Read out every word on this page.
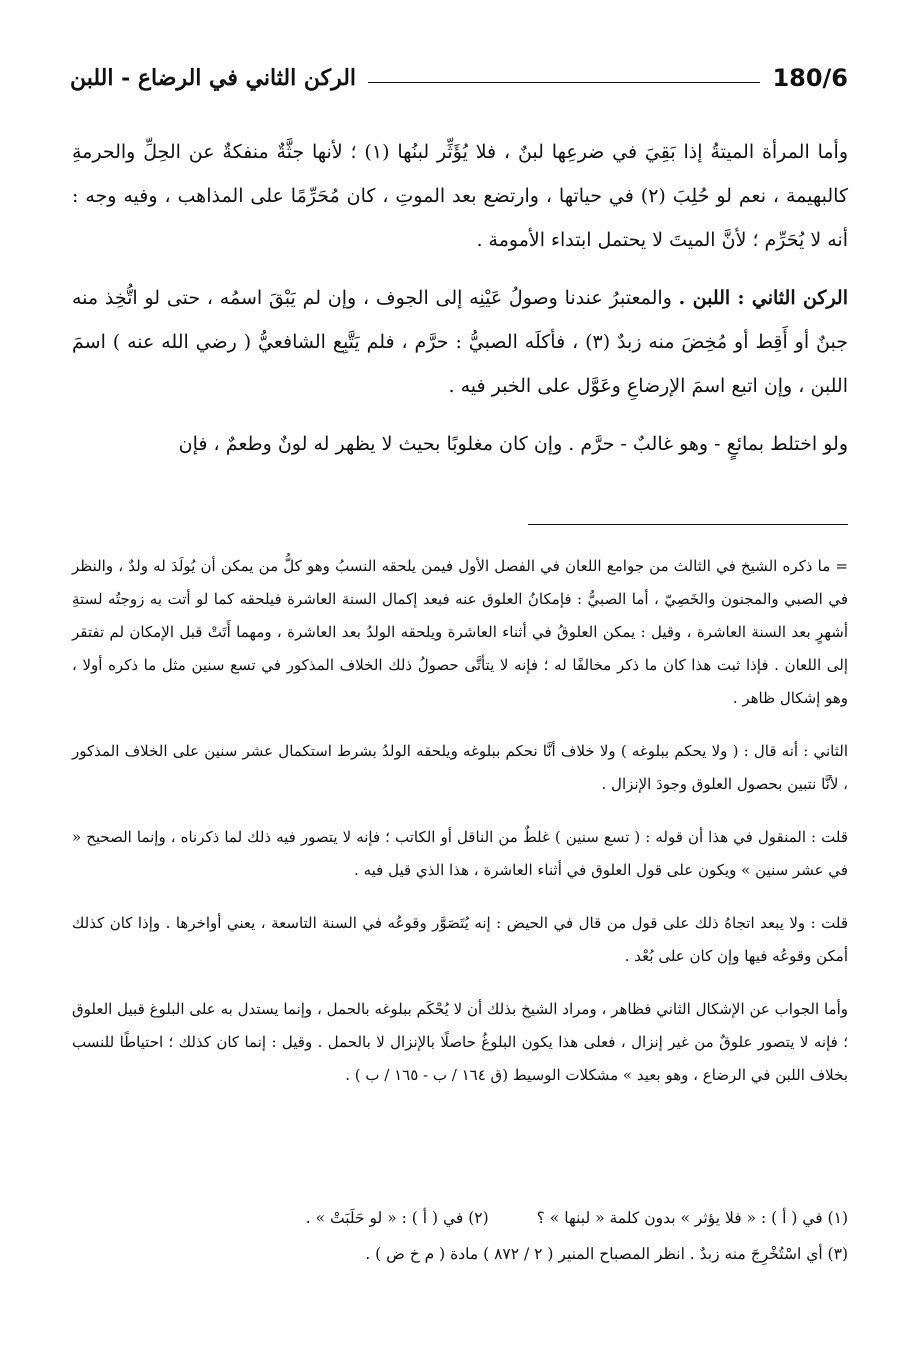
الركن الثاني في الرضاع - اللبن	180/6

وأما المرأة الميتةُ إذا بَقِيَ في ضرعِها لبنٌ ، فلا يُؤَثِّر لبنُها (١) ؛ لأنها جثَّةٌ منفكةٌ عن الحِلِّ والحرمةِ كالبهيمة ، نعم لو حُلِبَ (٢) في حياتها ، وارتضع بعد الموتِ ، كان مُحَرِّمًا على المذاهب ، وفيه وجه : أنه لا يُحَرِّم ؛ لأنَّ الميتَ لا يحتمل ابتداء الأمومة .

الركن الثاني : اللبن . والمعتبرُ عندنا وصولُ عَيْنِه إلى الجوف ، وإن لم يَبْقَ اسمُه ، حتى لو اتُّخِذ منه جبنٌ أو أَقِط أو مُخِضَ منه زبدٌ (٣) ، فأكلَه الصبيُّ : حرَّم ، فلم يَتَّبِع الشافعيُّ ( رضي الله عنه ) اسمَ اللبن ، وإن اتبع اسمَ الإرضاعِ وعَوَّل على الخبر فيه .

ولو اختلط بمائعٍ - وهو غالبٌ - حرَّم . وإن كان مغلوبًا بحيث لا يظهر له لونٌ وطعمٌ ، فإن

= ما ذكره الشيخ في الثالث من جوامع اللعان في الفصل الأول فيمن يلحقه النسبُ وهو كلُّ من يمكن أن يُولَدَ له ولدٌ ، والنظر في الصبي والمجنون والخَصِيّ ، أما الصبيُّ : فإمكانُ العلوق عنه فبعد إكمال السنة العاشرة فيلحقه كما لو أتت به زوجتُه لستةِ أشهرٍ بعد السنة العاشرة ، وقيل : يمكن العلوقُ في أثناء العاشرة ويلحقه الولدُ بعد العاشرة ، ومهما أَتَتْ قبل الإمكان لم تفتقر إلى اللعان . فإذا ثبت هذا كان ما ذكر مخالفًا له ؛ فإنه لا يتأتَّى حصولُ ذلك الخلاف المذكور في تسع سنين مثل ما ذكره أولا ، وهو إشكال ظاهر .

الثاني : أنه قال : ( ولا يحكم ببلوغه ) ولا خلاف أنَّا نحكم ببلوغه ويلحقه الولدُ بشرط استكمال عشر سنين على الخلاف المذكور ، لأنَّا نتبين بحصول العلوق وجودَ الإنزال .

قلت : المنقول في هذا أن قوله : ( تسع سنين ) غلطٌ من الناقل أو الكاتب ؛ فإنه لا يتصور فيه ذلك لما ذكرناه ، وإنما الصحيح « في عشر سنين » ويكون على قول العلوق في أثناء العاشرة ، هذا الذي قيل فيه .

قلت : ولا يبعد اتجاهُ ذلك على قول من قال في الحيض : إنه يُتَصَوَّر وقوعُه في السنة التاسعة ، يعني أواخرها . وإذا كان كذلك أمكن وقوعُه فيها وإن كان على بُعْد .

وأما الجواب عن الإشكال الثاني فظاهر ، ومراد الشيخ بذلك أن لا يُحْكَم ببلوغه بالحمل ، وإنما يستدل به على البلوغ قبيل العلوق ؛ فإنه لا يتصور علوقٌ من غير إنزال ، فعلى هذا يكون البلوغُ حاصلًا بالإنزال لا بالحمل . وقيل : إنما كان كذلك ؛ احتياطًا للنسب بخلاف اللبن في الرضاع ، وهو بعيد » مشكلات الوسيط (ق ١٦٤ / ب - ١٦٥ / ب ) .

(١) في ( أ ) : « فلا يؤثر » بدون كلمة « لبنها » ؟
(٢) في ( أ ) : « لو حَلَبَتْ » .
(٣) أي اسْتُخْرِجَ منه زبدٌ . انظر المصباح المنير ( ٢ / ٨٧٢ ) مادة ( م خ ض ) .
